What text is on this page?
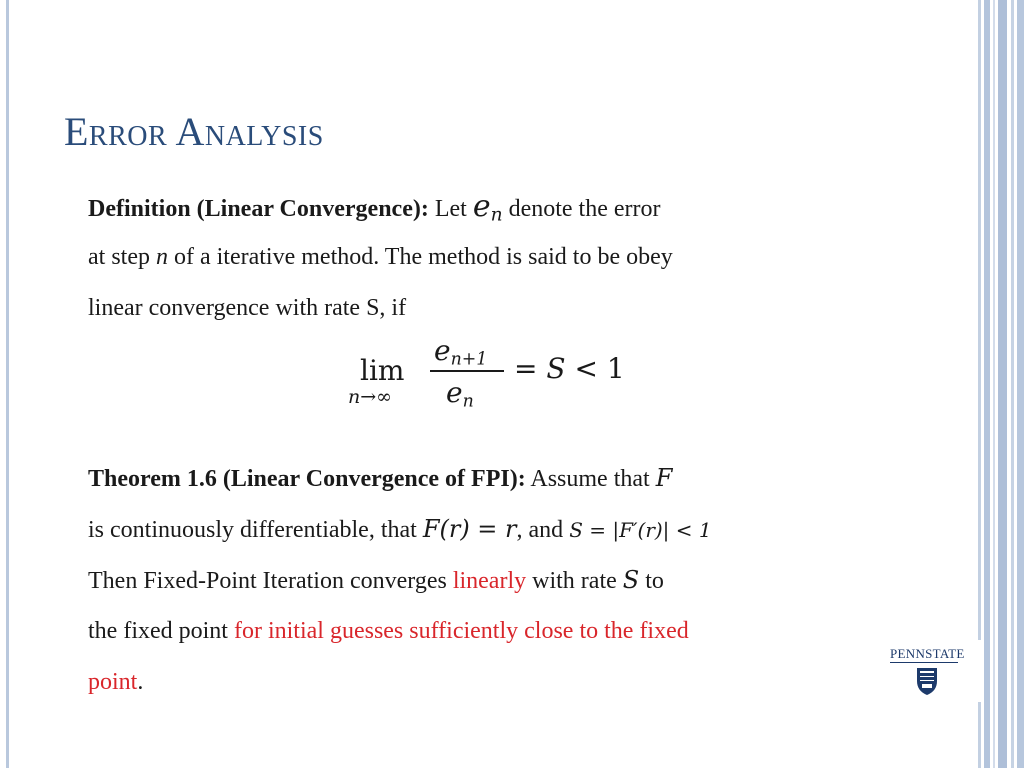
Error Analysis
Definition (Linear Convergence): Let $e_n$ denote the error
at step n of a iterative method. The method is said to be obey
linear convergence with rate S, if
lim
n→∞
$e_{n+1}$
$e_n$
= S < 1
Theorem 1.6 (Linear Convergence of FPI): Assume that F
is continuously differentiable, that F(r) = r, and S = |F′(r)| < 1
Then Fixed-Point Iteration converges linearly with rate S to
the fixed point for initial guesses sufficiently close to the fixed
point.
PENNSTATE
